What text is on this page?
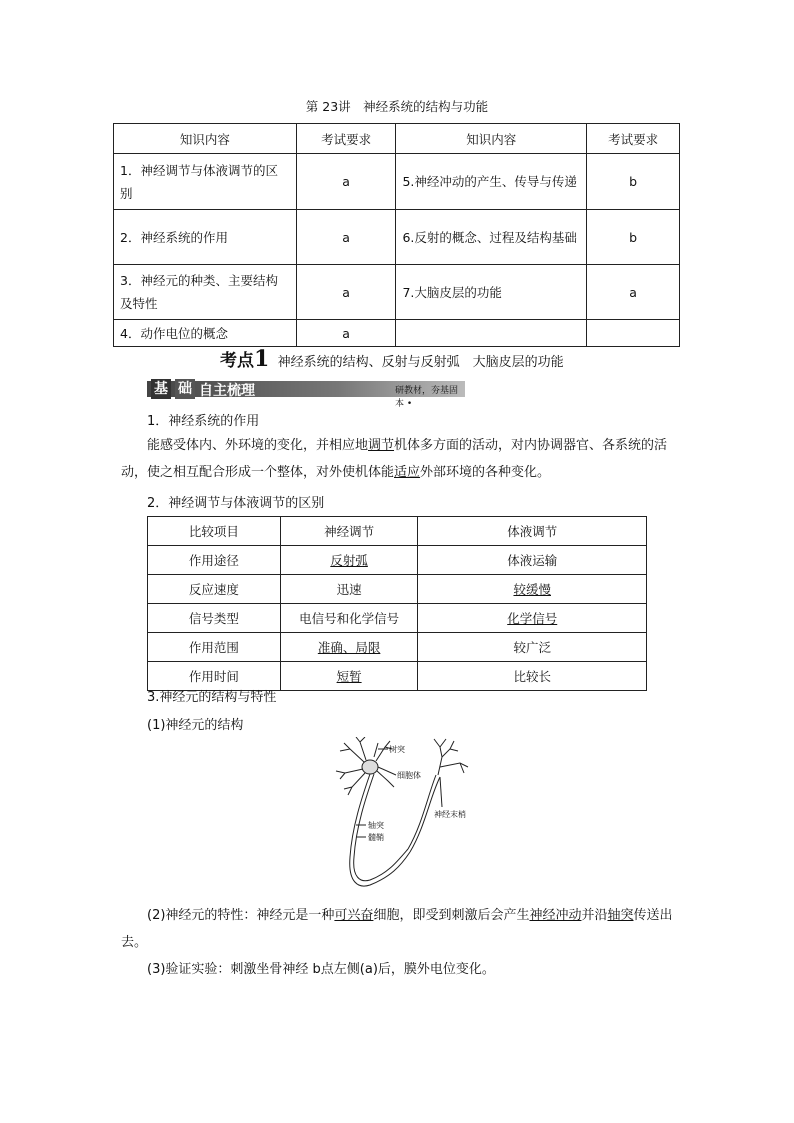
第 23讲　神经系统的结构与功能
知识内容	考试要求	知识内容	考试要求
1．神经调节与体液调节的区别	a	5.神经冲动的产生、传导与传递	b
2．神经系统的作用	a	6.反射的概念、过程及结构基础	b
3．神经元的种类、主要结构及特性	a	7.大脑皮层的功能	a
4．动作电位的概念	a		
考点1 神经系统的结构、反射与反射弧　大脑皮层的功能
基 础 自主梳理	研教材，夯基固本 •
1．神经系统的作用
能感受体内、外环境的变化，并相应地调节机体多方面的活动，对内协调器官、各系统的活动，使之相互配合形成一个整体，对外使机体能适应外部环境的各种变化。
2．神经调节与体液调节的区别
比较项目	神经调节	体液调节
作用途径	反射弧	体液运输
反应速度	迅速	较缓慢
信号类型	电信号和化学信号	化学信号
作用范围	准确、局限	较广泛
作用时间	短暂	比较长
3.神经元的结构与特性
(1)神经元的结构
树突
细胞体
神经末梢
轴突
髓鞘
(2)神经元的特性：神经元是一种可兴奋细胞，即受到刺激后会产生神经冲动并沿轴突传送出去。
(3)验证实验：刺激坐骨神经 b点左侧(a)后，膜外电位变化。
